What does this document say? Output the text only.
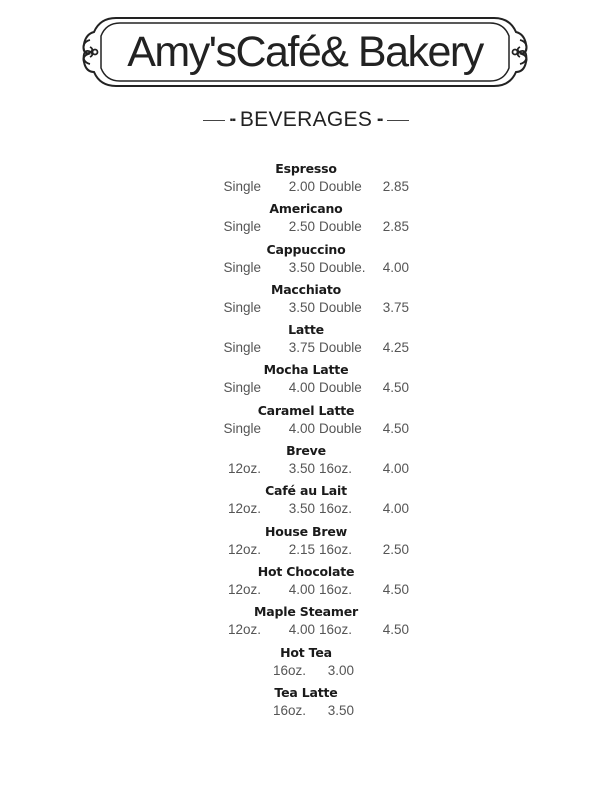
Amy'sCafé& Bakery
▪▪ BEVERAGES ▪▪
Espresso
Single	2.00 Double	2.85
Americano
Single	2.50 Double	2.85
Cappuccino
Single	3.50 Double.	4.00
Macchiato
Single	3.50 Double	3.75
Latte
Single	3.75 Double	4.25
Mocha Latte
Single	4.00 Double	4.50
Caramel Latte
Single	4.00 Double	4.50
Breve
12oz.	3.50 16oz.	4.00
Café au Lait
12oz.	3.50 16oz.	4.00
House Brew
12oz.	2.15 16oz.	2.50
Hot Chocolate
12oz.	4.00 16oz.	4.50
Maple Steamer
12oz.	4.00 16oz.	4.50
Hot Tea
16oz.	3.00
Tea Latte
16oz.	3.50
